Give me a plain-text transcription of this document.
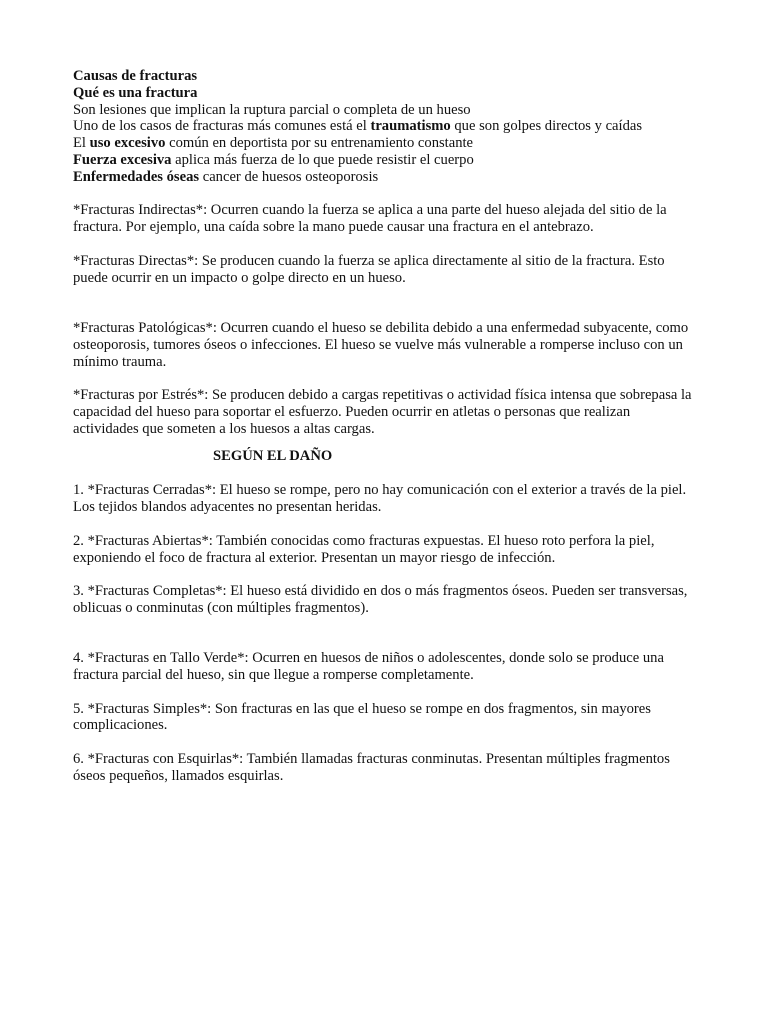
Causas de fracturas

Qué es una fractura

Son lesiones que implican la ruptura parcial o completa de un hueso

Uno de los casos de fracturas más comunes está el traumatismo que son golpes directos y caídas

El uso excesivo común en deportista por su entrenamiento constante

Fuerza excesiva aplica más fuerza de lo que puede resistir el cuerpo

Enfermedades óseas cancer de huesos osteoporosis

*Fracturas Indirectas*: Ocurren cuando la fuerza se aplica a una parte del hueso alejada del sitio de la fractura. Por ejemplo, una caída sobre la mano puede causar una fractura en el antebrazo.

*Fracturas Directas*: Se producen cuando la fuerza se aplica directamente al sitio de la fractura. Esto puede ocurrir en un impacto o golpe directo en un hueso.

*Fracturas Patológicas*: Ocurren cuando el hueso se debilita debido a una enfermedad subyacente, como osteoporosis, tumores óseos o infecciones. El hueso se vuelve más vulnerable a romperse incluso con un mínimo trauma.

*Fracturas por Estrés*: Se producen debido a cargas repetitivas o actividad física intensa que sobrepasa la capacidad del hueso para soportar el esfuerzo. Pueden ocurrir en atletas o personas que realizan actividades que someten a los huesos a altas cargas.

SEGÚN EL DAÑO

1. *Fracturas Cerradas*: El hueso se rompe, pero no hay comunicación con el exterior a través de la piel. Los tejidos blandos adyacentes no presentan heridas.

2. *Fracturas Abiertas*: También conocidas como fracturas expuestas. El hueso roto perfora la piel, exponiendo el foco de fractura al exterior. Presentan un mayor riesgo de infección.

3. *Fracturas Completas*: El hueso está dividido en dos o más fragmentos óseos. Pueden ser transversas, oblicuas o conminutas (con múltiples fragmentos).

4. *Fracturas en Tallo Verde*: Ocurren en huesos de niños o adolescentes, donde solo se produce una fractura parcial del hueso, sin que llegue a romperse completamente.

5. *Fracturas Simples*: Son fracturas en las que el hueso se rompe en dos fragmentos, sin mayores complicaciones.

6. *Fracturas con Esquirlas*: También llamadas fracturas conminutas. Presentan múltiples fragmentos óseos pequeños, llamados esquirlas.
